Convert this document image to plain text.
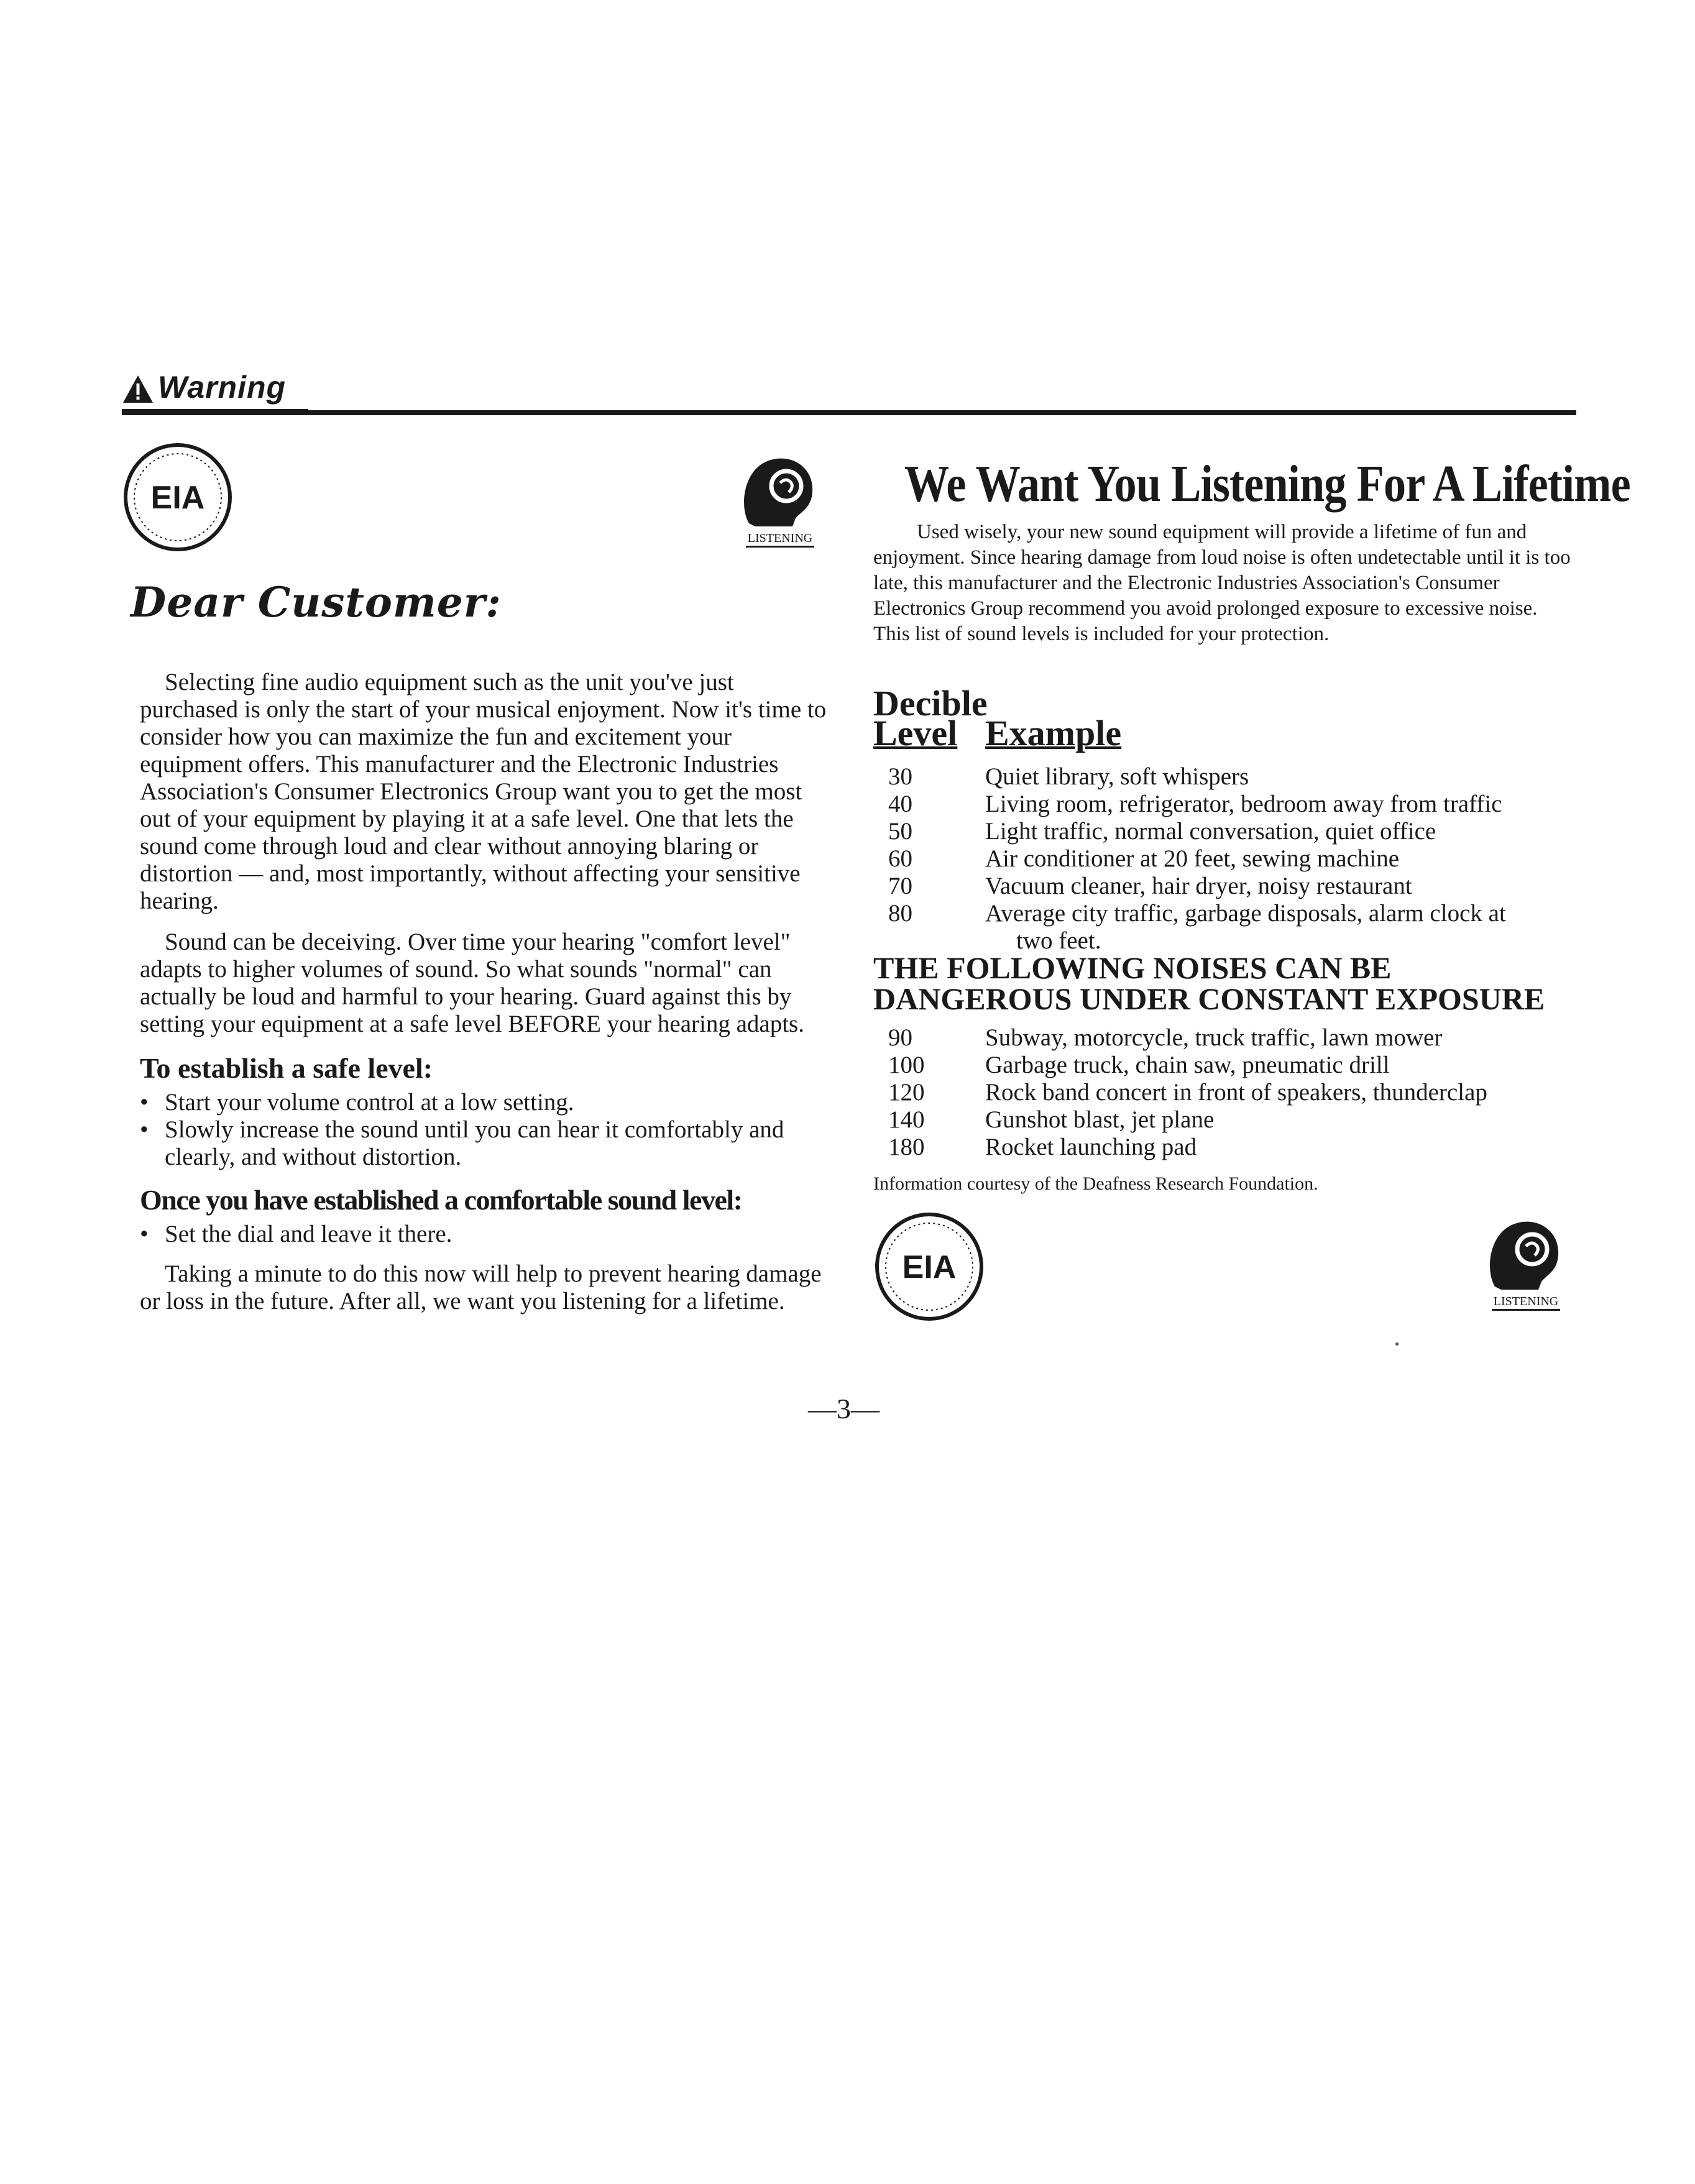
Warning
EIA
LISTENING
Dear Customer:

Selecting fine audio equipment such as the unit you've just purchased is only the start of your musical enjoyment. Now it's time to consider how you can maximize the fun and excitement your equipment offers. This manufacturer and the Electronic Industries Association's Consumer Electronics Group want you to get the most out of your equipment by playing it at a safe level. One that lets the sound come through loud and clear without annoying blaring or distortion — and, most importantly, without affecting your sensitive hearing.

Sound can be deceiving. Over time your hearing "comfort level" adapts to higher volumes of sound. So what sounds "normal" can actually be loud and harmful to your hearing. Guard against this by setting your equipment at a safe level BEFORE your hearing adapts.

To establish a safe level:
• Start your volume control at a low setting.
• Slowly increase the sound until you can hear it comfortably and clearly, and without distortion.
Once you have established a comfortable sound level:
• Set the dial and leave it there.

Taking a minute to do this now will help to prevent hearing damage or loss in the future. After all, we want you listening for a lifetime.

We Want You Listening For A Lifetime
Used wisely, your new sound equipment will provide a lifetime of fun and enjoyment. Since hearing damage from loud noise is often undetectable until it is too late, this manufacturer and the Electronic Industries Association's Consumer Electronics Group recommend you avoid prolonged exposure to excessive noise. This list of sound levels is included for your protection.
Decible
Level Example
30	Quiet library, soft whispers
40	Living room, refrigerator, bedroom away from traffic
50	Light traffic, normal conversation, quiet office
60	Air conditioner at 20 feet, sewing machine
70	Vacuum cleaner, hair dryer, noisy restaurant
80	Average city traffic, garbage disposals, alarm clock at
two feet.
THE FOLLOWING NOISES CAN BE
DANGEROUS UNDER CONSTANT EXPOSURE
90	Subway, motorcycle, truck traffic, lawn mower
100	Garbage truck, chain saw, pneumatic drill
120	Rock band concert in front of speakers, thunderclap
140	Gunshot blast, jet plane
180	Rocket launching pad
Information courtesy of the Deafness Research Foundation.
EIA
LISTENING
—3—
